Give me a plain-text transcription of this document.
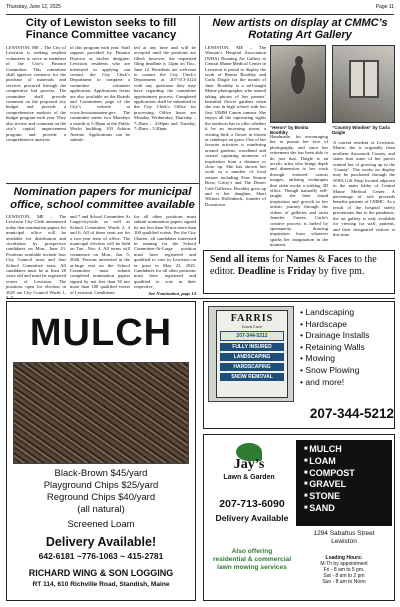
Thursday, June 12, 2025	Page 11
City of Lewiston seeks to fill Finance Committee vacancy
LEWISTON, ME – The City of Lewiston is seeking resident volunteers to serve as members of the City’s Finance Committee. This committee shall approve contracts for the purchase of materials and services procured through the competitive bid process. The committee shall provide comment on the proposed city budget and provide a comprehensive analysis of the budget program each year. They also review and comment on the city’s capital improvement program and provide a comprehensive analysis
of this program each year. Staff support provided by Finance Director or his/her designee. Lewiston residents who are interested in applying can contact the City Clerk’s Department to complete a committee volunteer application. Applications forms are also available on the Boards and Committees page of the City’s website at www.lewistonmaine.gov. The committee meets two Mondays a month at 5:30pm at the Public Works building, 103 Ashton Avenue. Applications can be submit-
ted at any time and will be accepted until the positions are filled; however, the requested filing deadline is 12pm on Thu., June 12. Residents are welcome to contact the City Clerk’s Department at 207-513-3124 with any questions they may have regarding the committee appointment process. Completed applications shall be submitted to the City Clerk’s Office for processing. Office hours are Monday, Wednesday, Thursday – 7:45am – 4:00pm and Tuesday, 7:45am – 5:30pm.
New artists on display at CMMC’s Rotating Art Gallery
LEWISTON, ME – The Woman’s Hospital Association (WHA) Rotating Art Gallery at Central Maine Medical Center in Lewiston is proud to display the work of Bonita Boothby and Carla Daigle for the month of June. Boothby is a self-taught Maine photographer who started taking photos of her parents’ beautiful flower gardens when she was in high school with her first 35MM Canon camera. She enjoys all the captivating sights the outdoors has to offer whether it be an incoming storm, a visiting bird, a flower in bloom or raindrops on grass. One of her favorite activities is wandering around gardens, woodland and coastal capturing moments of inspiration from a distance or close up. She has shown her work in a number of local venues including Four Season Brew, Gritty’s and The Dexter Café Galleries. Boothby grew up and is her daughter, Sheri Withers Hollenbeck, founder of Downtown
“Heron” by Bonita Boothby
“Country Window” by Carla Daigle
Handmade, for encouraging her to pursue her love of photography, and since her retirement she has been able to do just that. Daigle is an acrylic artist who brings depth and dimension to her work through textured canvas images, utilizing techniques that often evoke a striking 3D effect. Though naturally self-taught, she later found inspiration and growth in her artistic journey through the videos of galleries and artist Jennifer Vasees. Carla’s creative process is fueled by spontaneity, drawing inspiration from whatever sparks her imagination in the moment.
A current resident of Lewiston, Maine, she is originally from northern Aroostook County, and states that some of her pieces remind her of growing up in the ‘County’. The works on display may be purchased through the WHA Gift Shop located adjacent to the main lobby of Central Maine Medical Center. A percentage of sale proceeds benefits patients of CMMC. As a result of the hospital safety precautions due to the pandemic, the art gallery is only available for viewing for staff, patients, and their designated visitors at this time.
Nomination papers for municipal office, school committee available
LEWISTON, ME – The Lewiston City Clerk announced today that nomination papers for municipal office will be available for distribution and circulation by prospective candidates on Mon., June 23. Positions available include four City Council seats and four School Committee seats. All candidates must be at least 20 years old and must be registered voters of Lewiston. The positions open for election in 2025 are City Council Wards 1, 3, 5
and 7 and School Committee At Large/citywide, as well as School Committee Wards 2, 4 and 6. All of these seats are for a two-year term of office. The municipal election will be held on Tue., Nov. 4. All terms will commence on Mon., Jan. 5, 2026. Persons interested in the at-large seat on the School Committee must submit completed nomination papers signed by not less than 50 nor more than 100 qualified voters of Lewiston. Candidates

for all other positions must submit nomination papers signed by not less than 50 nor more than 100 qualified voters. Per the City Charter, all candidates interested in running for the School Committee-At-Large position must have registered and qualified to vote in Lewiston on or prior to May 23, 2025. Candidates for all other positions must have registered and qualified to vote in their respective

See Nomination, page 14

Send all items for Names & Faces to the editor. Deadline is Friday by five pm.
MULCH
Black-Brown $45/yard
Playground Chips $25/yard
Reground Chips $40/yard
(all natural)
Screened Loam
Delivery Available!
642-6181 ~776-1063 ~ 415-2781
RICHARD WING & SON LOGGING
RT 114, 610 Richville Road, Standish, Maine
FARRIS
Lawn Care
207-344-5212
FULLY INSURED
LANDSCAPING
HARDSCAPING
SNOW REMOVAL
• Landscaping
• Hardscape
• Drainage Installs
• Retaining Walls
• Mowing
• Snow Plowing
• and more!
207-344-5212
Jay’s
Lawn & Garden
■ MULCH
■ LOAM
■ COMPOST
■ GRAVEL
■ STONE
■ SAND
207-713-6090
Delivery Available
1294 Sabattus Street
Lewiston
Also offering
residential & commercial
lawn mowing services
Loading Hours:
M-Th by appointment
Fri - 8 am to 5 pm.
Sat - 8 am to 2 pm
Sun - 8 am to Noon
